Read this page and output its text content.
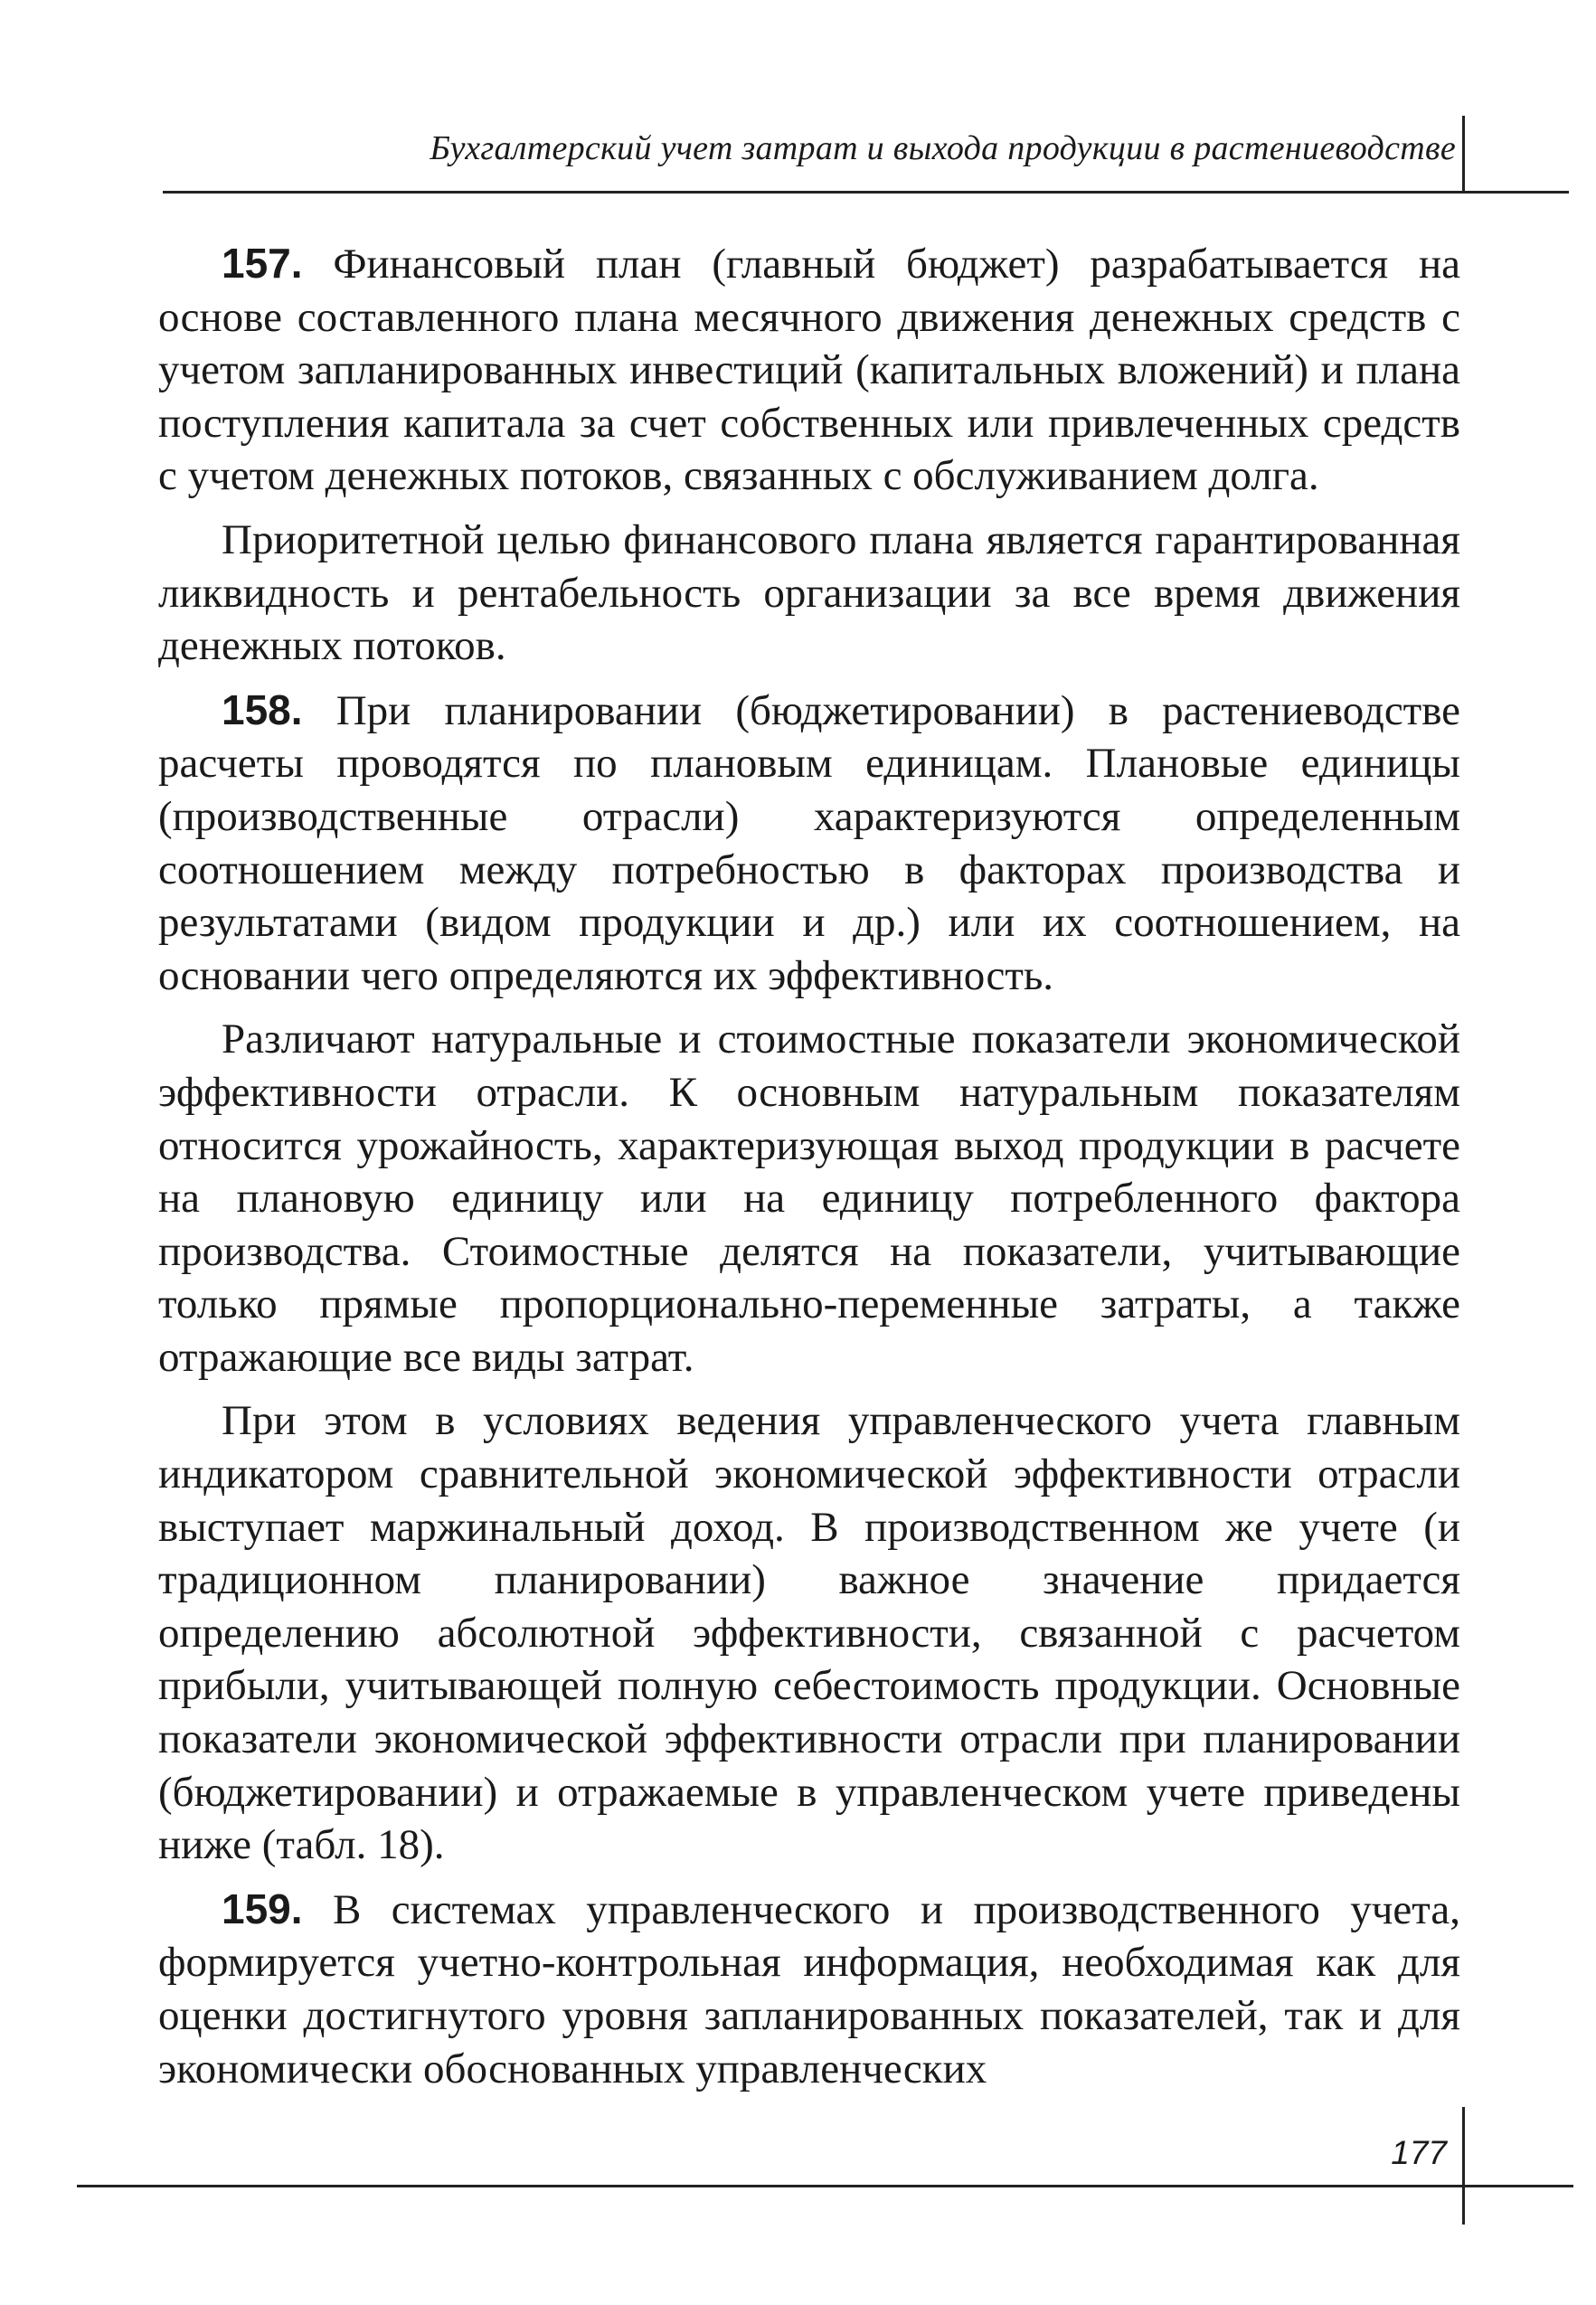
Бухгалтерский учет затрат и выхода продукции в растениеводстве

157. Финансовый план (главный бюджет) разрабатывается на основе составленного плана месячного движения денежных средств с учетом запланированных инвестиций (капитальных вложений) и плана поступления капитала за счет собственных или привлеченных средств с учетом денежных потоков, связанных с обслуживанием долга.

Приоритетной целью финансового плана является гарантированная ликвидность и рентабельность организации за все время движения денежных потоков.

158. При планировании (бюджетировании) в растениеводстве расчеты проводятся по плановым единицам. Плановые единицы (производственные отрасли) характеризуются определенным соотношением между потребностью в факторах производства и результатами (видом продукции и др.) или их соотношением, на основании чего определяются их эффективность.

Различают натуральные и стоимостные показатели экономической эффективности отрасли. К основным натуральным показателям относится урожайность, характеризующая выход продукции в расчете на плановую единицу или на единицу потребленного фактора производства. Стоимостные делятся на показатели, учитывающие только прямые пропорционально-переменные затраты, а также отражающие все виды затрат.

При этом в условиях ведения управленческого учета главным индикатором сравнительной экономической эффективности отрасли выступает маржинальный доход. В производственном же учете (и традиционном планировании) важное значение придается определению абсолютной эффективности, связанной с расчетом прибыли, учитывающей полную себестоимость продукции. Основные показатели экономической эффективности отрасли при планировании (бюджетировании) и отражаемые в управленческом учете приведены ниже (табл. 18).

159. В системах управленческого и производственного учета, формируется учетно-контрольная информация, необходимая как для оценки достигнутого уровня запланированных показателей, так и для экономически обоснованных управленческих

177
